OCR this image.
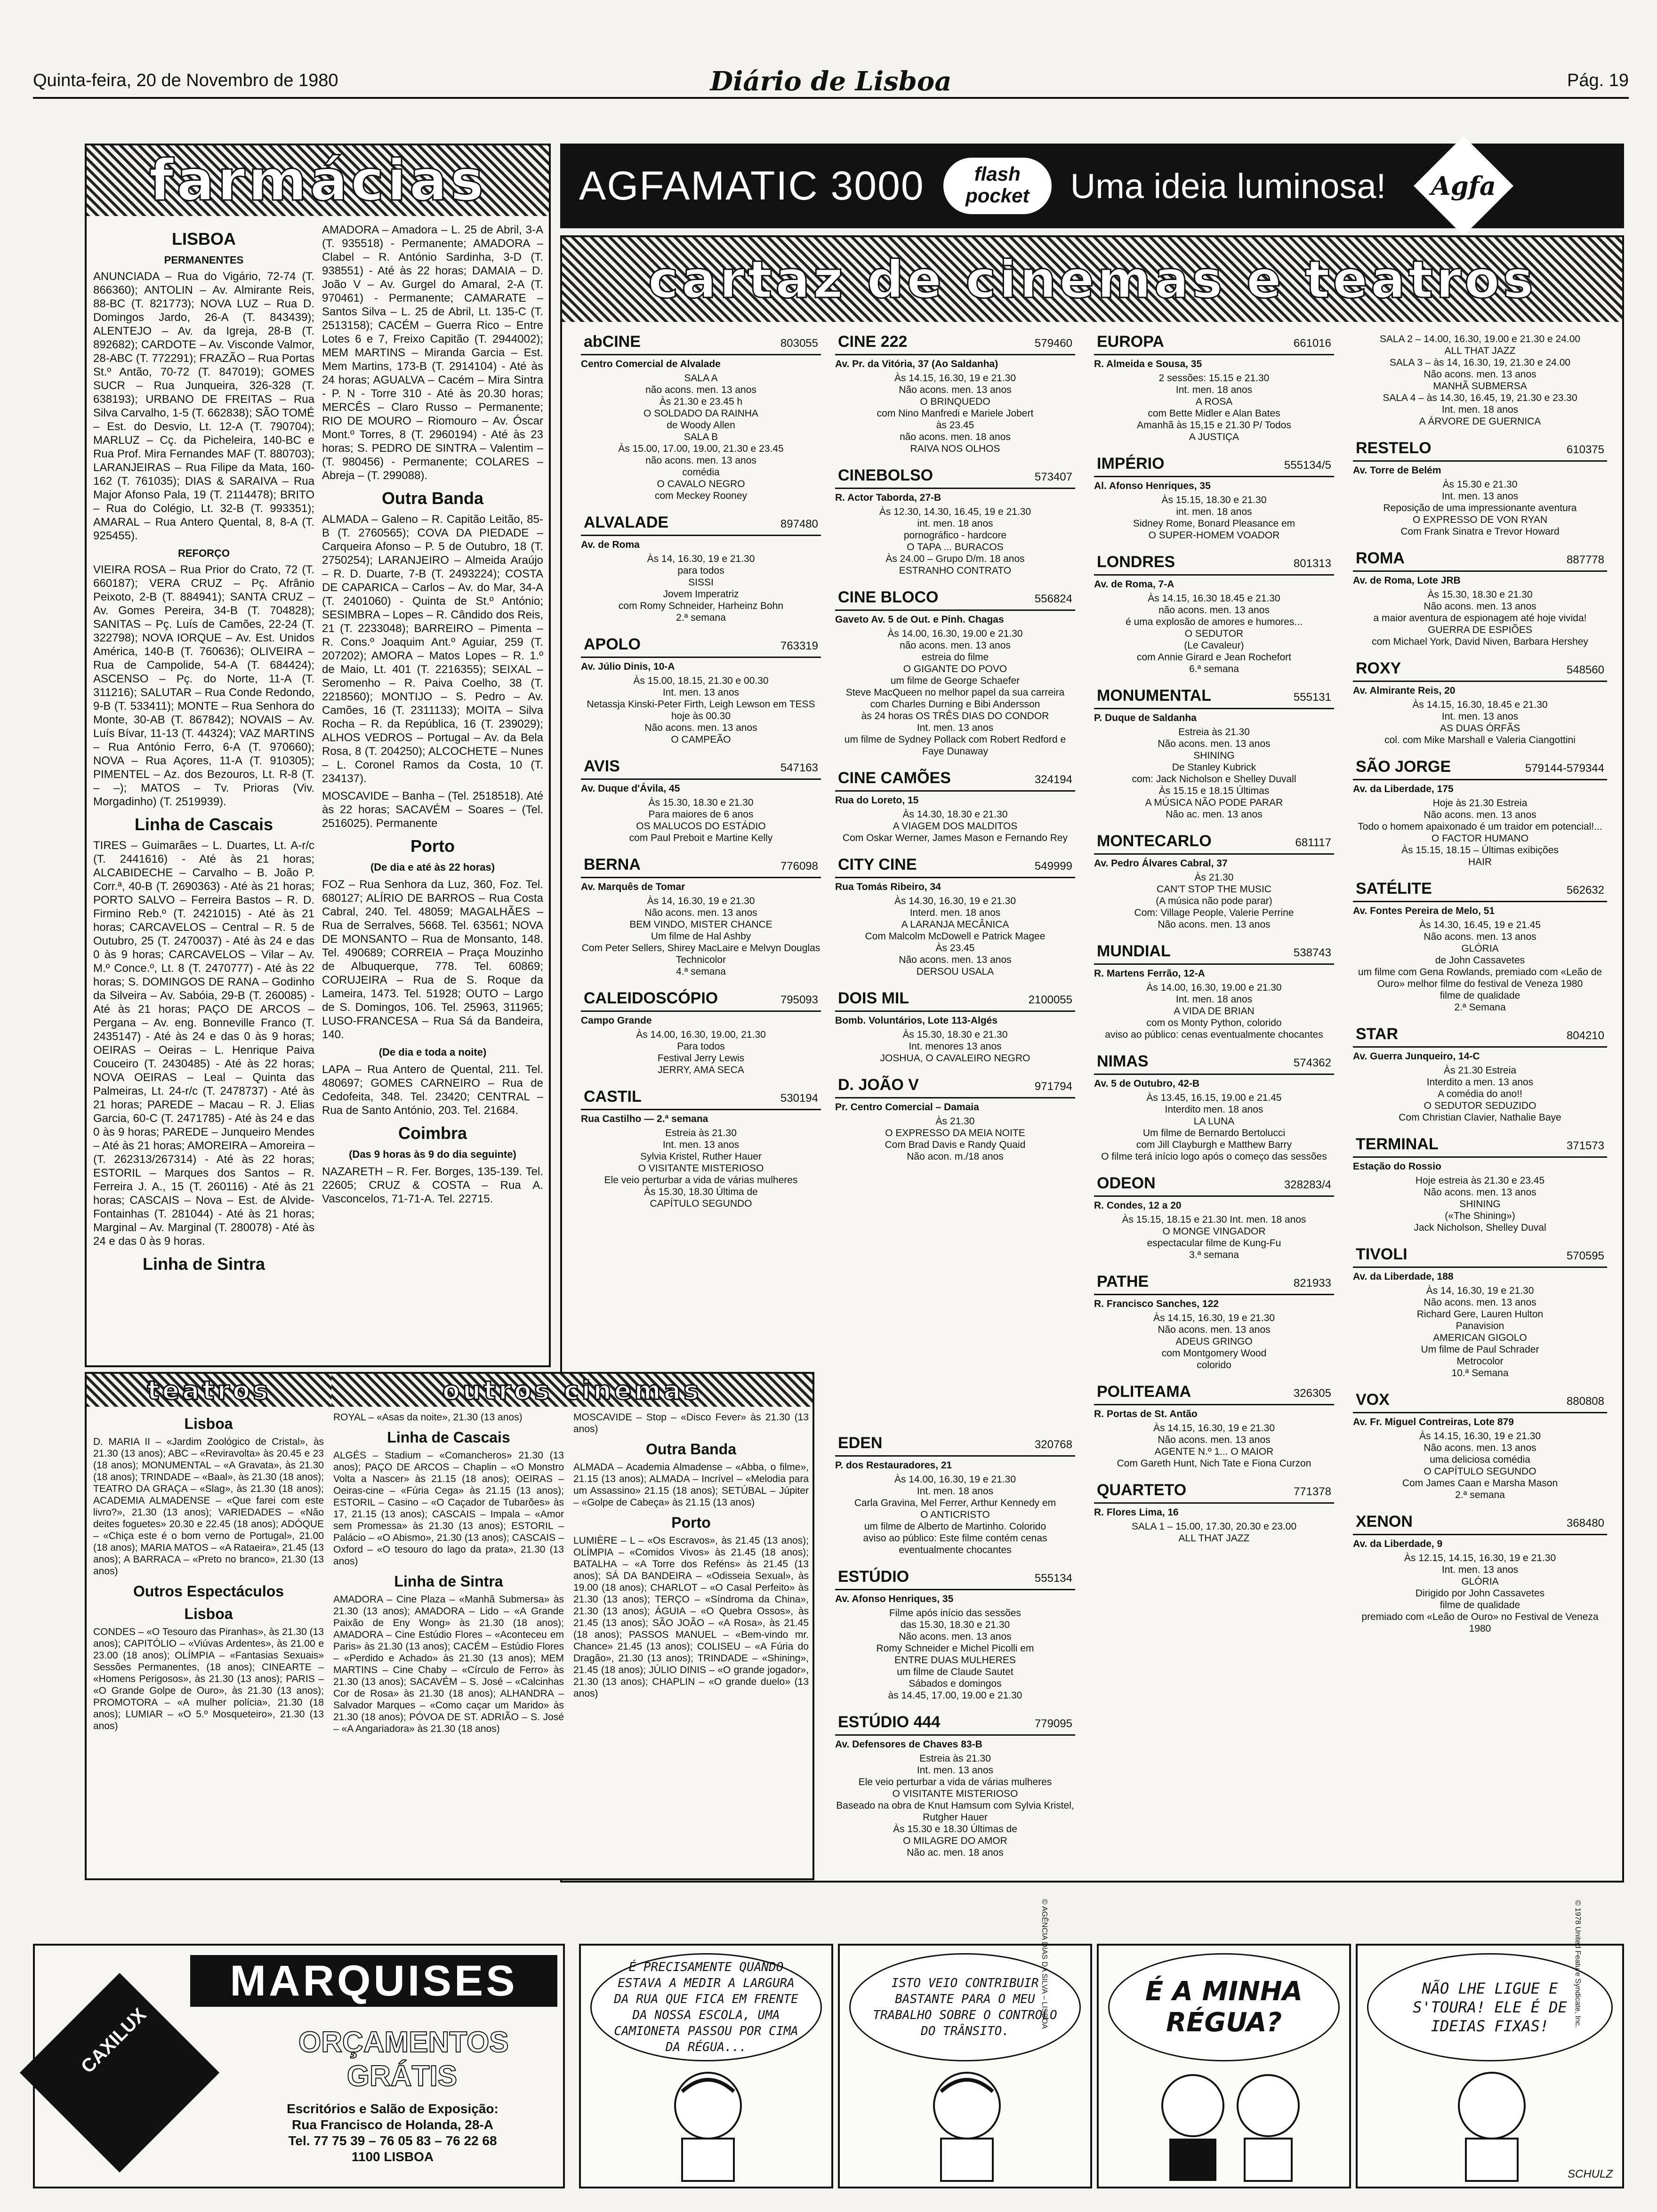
Quinta-feira, 20 de Novembro de 1980	Diário de Lisboa	Pág. 19
farmácias
LISBOA
PERMANENTES

ANUNCIADA – Rua do Vigário, 72-74 (T. 866360); ANTOLIN – Av. Almirante Reis, 88-BC (T. 821773); NOVA LUZ – Rua D. Domingos Jardo, 26-A (T. 843439); ALENTEJO – Av. da Igreja, 28-B (T. 892682); CARDOTE – Av. Visconde Valmor, 28-ABC (T. 772291); FRAZÃO – Rua Portas St.º Antão, 70-72 (T. 847019); GOMES SUCR – Rua Junqueira, 326-328 (T. 638193); URBANO DE FREITAS – Rua Silva Carvalho, 1-5 (T. 662838); SÃO TOMÉ – Est. do Desvio, Lt. 12-A (T. 790704); MARLUZ – Cç. da Picheleira, 140-BC e Rua Prof. Mira Fernandes MAF (T. 880703); LARANJEIRAS – Rua Filipe da Mata, 160-162 (T. 761035); DIAS & SARAIVA – Rua Major Afonso Pala, 19 (T. 2114478); BRITO – Rua do Colégio, Lt. 32-B (T. 993351); AMARAL – Rua Antero Quental, 8, 8-A (T. 925455).

REFORÇO

VIEIRA ROSA – Rua Prior do Crato, 72 (T. 660187); VERA CRUZ – Pç. Afrânio Peixoto, 2-B (T. 884941); SANTA CRUZ – Av. Gomes Pereira, 34-B (T. 704828); SANITAS – Pç. Luís de Camões, 22-24 (T. 322798); NOVA IORQUE – Av. Est. Unidos América, 140-B (T. 760636); OLIVEIRA – Rua de Campolide, 54-A (T. 684424); ASCENSO – Pç. do Norte, 11-A (T. 311216); SALUTAR – Rua Conde Redondo, 9-B (T. 533411); MONTE – Rua Senhora do Monte, 30-AB (T. 867842); NOVAIS – Av. Luís Bívar, 11-13 (T. 44324); VAZ MARTINS – Rua António Ferro, 6-A (T. 970660); NOVA – Rua Açores, 11-A (T. 910305); PIMENTEL – Az. dos Bezouros, Lt. R-8 (T. – –); MATOS – Tv. Prioras (Viv. Morgadinho) (T. 2519939).

Linha de Cascais

TIRES – Guimarães – L. Duartes, Lt. A-r/c (T. 2441616) - Até às 21 horas; ALCABIDECHE – Carvalho – B. João P. Corr.ª, 40-B (T. 2690363) - Até às 21 horas; PORTO SALVO – Ferreira Bastos – R. D. Firmino Reb.º (T. 2421015) - Até às 21 horas; CARCAVELOS – Central – R. 5 de Outubro, 25 (T. 2470037) - Até às 24 e das 0 às 9 horas; CARCAVELOS – Vilar – Av. M.º Conce.º, Lt. 8 (T. 2470777) - Até às 22 horas; S. DOMINGOS DE RANA – Godinho da Silveira – Av. Sabóia, 29-B (T. 260085) - Até às 21 horas; PAÇO DE ARCOS – Pergana – Av. eng. Bonneville Franco (T. 2435147) - Até às 24 e das 0 às 9 horas; OEIRAS – Oeiras – L. Henrique Paiva Couceiro (T. 2430485) - Até às 22 horas; NOVA OEIRAS – Leal – Quinta das Palmeiras, Lt. 24-r/c (T. 2478737) - Até às 21 horas; PAREDE – Macau – R. J. Elias Garcia, 60-C (T. 2471785) - Até às 24 e das 0 às 9 horas; PAREDE – Junqueiro Mendes – Até às 21 horas; AMOREIRA – Amoreira – (T. 262313/267314) - Até às 22 horas; ESTORIL – Marques dos Santos – R. Ferreira J. A., 15 (T. 260116) - Até às 21 horas; CASCAIS – Nova – Est. de Alvide-Fontainhas (T. 281044) - Até às 21 horas; Marginal – Av. Marginal (T. 280078) - Até às 24 e das 0 às 9 horas.

Linha de Sintra

AMADORA – Amadora – L. 25 de Abril, 3-A (T. 935518) - Permanente; AMADORA – Clabel – R. António Sardinha, 3-D (T. 938551) - Até às 22 horas; DAMAIA – D. João V – Av. Gurgel do Amaral, 2-A (T. 970461) - Permanente; CAMARATE – Santos Silva – L. 25 de Abril, Lt. 135-C (T. 2513158); CACÉM – Guerra Rico – Entre Lotes 6 e 7, Freixo Capitão (T. 2944002); MEM MARTINS – Miranda Garcia – Est. Mem Martins, 173-B (T. 2914104) - Até às 24 horas; AGUALVA – Cacém – Mira Sintra - P. N - Torre 310 - Até às 20.30 horas; MERCÊS – Claro Russo – Permanente; RIO DE MOURO – Riomouro – Av. Óscar Mont.º Torres, 8 (T. 2960194) - Até às 23 horas; S. PEDRO DE SINTRA – Valentim – (T. 980456) - Permanente; COLARES – Abreja – (T. 299088).

Outra Banda

ALMADA – Galeno – R. Capitão Leitão, 85-B (T. 2760565); COVA DA PIEDADE – Carqueira Afonso – P. 5 de Outubro, 18 (T. 2750254); LARANJEIRO – Almeida Araújo – R. D. Duarte, 7-B (T. 2493224); COSTA DE CAPARICA – Carlos – Av. do Mar, 34-A (T. 2401060) - Quinta de St.º António; SESIMBRA – Lopes – R. Cândido dos Reis, 21 (T. 2233048); BARREIRO – Pimenta – R. Cons.º Joaquim Ant.º Aguiar, 259 (T. 207202); AMORA – Matos Lopes – R. 1.º de Maio, Lt. 401 (T. 2216355); SEIXAL – Seromenho – R. Paiva Coelho, 38 (T. 2218560); MONTIJO – S. Pedro – Av. Camões, 16 (T. 2311133); MOITA – Silva Rocha – R. da República, 16 (T. 239029); ALHOS VEDROS – Portugal – Av. da Bela Rosa, 8 (T. 204250); ALCOCHETE – Nunes – L. Coronel Ramos da Costa, 10 (T. 234137).

MOSCAVIDE – Banha – (Tel. 2518518). Até às 22 horas; SACAVÉM – Soares – (Tel. 2516025). Permanente

Porto
(De dia e até às 22 horas)

FOZ – Rua Senhora da Luz, 360, Foz. Tel. 680127; ALÍRIO DE BARROS – Rua Costa Cabral, 240. Tel. 48059; MAGALHÃES – Rua de Serralves, 5668. Tel. 63561; NOVA DE MONSANTO – Rua de Monsanto, 148. Tel. 490689; CORREIA – Praça Mouzinho de Albuquerque, 778. Tel. 60869; CORUJEIRA – Rua de S. Roque da Lameira, 1473. Tel. 51928; OUTO – Largo de S. Domingos, 106. Tel. 25963, 311965; LUSO-FRANCESA – Rua Sá da Bandeira, 140.

(De dia e toda a noite)

LAPA – Rua Antero de Quental, 211. Tel. 480697; GOMES CARNEIRO – Rua de Cedofeita, 348. Tel. 23420; CENTRAL – Rua de Santo António, 203. Tel. 21684.

Coimbra
(Das 9 horas às 9 do dia seguinte)

NAZARETH – R. Fer. Borges, 135-139. Tel. 22605; CRUZ & COSTA – Rua A. Vasconcelos, 71-71-A. Tel. 22715.

AGFAMATIC 3000	flash pocket	Uma ideia luminosa! Agfa
cartaz de cinemas e teatros
abCINE	803055
Centro Comercial de Alvalade
SALA A
não acons. men. 13 anos
Às 21.30 e 23.45 h
O SOLDADO DA RAINHA
de Woody Allen
SALA B
Às 15.00, 17.00, 19.00, 21.30 e 23.45
não acons. men. 13 anos
comédia
O CAVALO NEGRO
com Meckey Rooney
ALVALADE	897480
Av. de Roma
Às 14, 16.30, 19 e 21.30
para todos
SISSI
Jovem Imperatriz
com Romy Schneider, Harheinz Bohn
2.ª semana
APOLO	763319
Av. Júlio Dinis, 10-A
Às 15.00, 18.15, 21.30 e 00.30
Int. men. 13 anos
Netassja Kinski-Peter Firth, Leigh Lewson em TESS
hoje às 00.30
Não acons. men. 13 anos
O CAMPEÃO
AVIS	547163
Av. Duque d'Ávila, 45
Às 15.30, 18.30 e 21.30
Para maiores de 6 anos
OS MALUCOS DO ESTÁDIO
com Paul Preboit e Martine Kelly
BERNA	776098
Av. Marquês de Tomar
Às 14, 16.30, 19 e 21.30
Não acons. men. 13 anos
BEM VINDO, MISTER CHANCE
Um filme de Hal Ashby
Com Peter Sellers, Shirey MacLaire e Melvyn Douglas
Technicolor
4.ª semana
CALEIDOSCÓPIO	795093
Campo Grande
Às 14.00, 16.30, 19.00, 21.30
Para todos
Festival Jerry Lewis
JERRY, AMA SECA
CASTIL	530194
Rua Castilho — 2.ª semana
Estreia às 21.30
Int. men. 13 anos
Sylvia Kristel, Ruther Hauer
O VISITANTE MISTERIOSO
Ele veio perturbar a vida de várias mulheres
Às 15.30, 18.30 Última de
CAPÍTULO SEGUNDO
CINE 222	579460
Av. Pr. da Vitória, 37 (Ao Saldanha)
Às 14.15, 16.30, 19 e 21.30
Não acons. men. 13 anos
O BRINQUEDO
com Nino Manfredi e Mariele Jobert
às 23.45
não acons. men. 18 anos
RAIVA NOS OLHOS
CINEBOLSO	573407
R. Actor Taborda, 27-B
Às 12.30, 14.30, 16.45, 19 e 21.30
int. men. 18 anos
pornográfico - hardcore
O TAPA ... BURACOS
Às 24.00 – Grupo D/m. 18 anos
ESTRANHO CONTRATO
CINE BLOCO	556824
Gaveto Av. 5 de Out. e Pinh. Chagas
Às 14.00, 16.30, 19.00 e 21.30
não acons. men. 13 anos
estreia do filme
O GIGANTE DO POVO
um filme de George Schaefer
Steve MacQueen no melhor papel da sua carreira
com Charles Durning e Bibi Andersson
às 24 horas OS TRÊS DIAS DO CONDOR
Int. men. 13 anos
um filme de Sydney Pollack com Robert Redford e Faye Dunaway
CINE CAMÕES	324194
Rua do Loreto, 15
Às 14.30, 18.30 e 21.30
A VIAGEM DOS MALDITOS
Com Oskar Werner, James Mason e Fernando Rey
CITY CINE	549999
Rua Tomás Ribeiro, 34
Às 14.30, 16.30, 19 e 21.30
Interd. men. 18 anos
A LARANJA MECÂNICA
Com Malcolm McDowell e Patrick Magee
Às 23.45
Não acons. men. 13 anos
DERSOU USALA
DOIS MIL	2100055
Bomb. Voluntários, Lote 113-Algés
Às 15.30, 18.30 e 21.30
Int. menores 13 anos
JOSHUA, O CAVALEIRO NEGRO
D. JOÃO V	971794
Pr. Centro Comercial – Damaia
Às 21.30
O EXPRESSO DA MEIA NOITE
Com Brad Davis e Randy Quaid
Não acon. m./18 anos
EDEN	320768
P. dos Restauradores, 21
Às 14.00, 16.30, 19 e 21.30
Int. men. 18 anos
Carla Gravina, Mel Ferrer, Arthur Kennedy em
O ANTICRISTO
um filme de Alberto de Martinho. Colorido
aviso ao público: Este filme contém cenas eventualmente chocantes
ESTÚDIO	555134
Av. Afonso Henriques, 35
Filme após início das sessões
das 15.30, 18.30 e 21.30
Não acons. men. 13 anos
Romy Schneider e Michel Picolli em
ENTRE DUAS MULHERES
um filme de Claude Sautet
Sábados e domingos
às 14.45, 17.00, 19.00 e 21.30
ESTÚDIO 444	779095
Av. Defensores de Chaves 83-B
Estreia às 21.30
Int. men. 13 anos
Ele veio perturbar a vida de várias mulheres
O VISITANTE MISTERIOSO
Baseado na obra de Knut Hamsum com Sylvia Kristel, Rutgher Hauer
Às 15.30 e 18.30 Últimas de
O MILAGRE DO AMOR
Não ac. men. 18 anos
EUROPA	661016
R. Almeida e Sousa, 35
2 sessões: 15.15 e 21.30
Int. men. 18 anos
A ROSA
com Bette Midler e Alan Bates
Amanhã às 15,15 e 21.30 P/ Todos
A JUSTIÇA
IMPÉRIO	555134/5
Al. Afonso Henriques, 35
Às 15.15, 18.30 e 21.30
int. men. 18 anos
Sidney Rome, Bonard Pleasance em
O SUPER-HOMEM VOADOR
LONDRES	801313
Av. de Roma, 7-A
Às 14.15, 16.30 18.45 e 21.30
não acons. men. 13 anos
é uma explosão de amores e humores...
O SEDUTOR
(Le Cavaleur)
com Annie Girard e Jean Rochefort
6.ª semana
MONUMENTAL	555131
P. Duque de Saldanha
Estreia às 21.30
Não acons. men. 13 anos
SHINING
De Stanley Kubrick
com: Jack Nicholson e Shelley Duvall
Às 15.15 e 18.15 Últimas
A MÚSICA NÃO PODE PARAR
Não ac. men. 13 anos
MONTECARLO	681117
Av. Pedro Álvares Cabral, 37
Às 21.30
CAN'T STOP THE MUSIC
(A música não pode parar)
Com: Village People, Valerie Perrine
Não acons. men. 13 anos
MUNDIAL	538743
R. Martens Ferrão, 12-A
Às 14.00, 16.30, 19.00 e 21.30
Int. men. 18 anos
A VIDA DE BRIAN
com os Monty Python, colorido
aviso ao público: cenas eventualmente chocantes
NIMAS	574362
Av. 5 de Outubro, 42-B
Às 13.45, 16.15, 19.00 e 21.45
Interdito men. 18 anos
LA LUNA
Um filme de Bernardo Bertolucci
com Jill Clayburgh e Matthew Barry
O filme terá início logo após o começo das sessões
ODEON	328283/4
R. Condes, 12 a 20
Às 15.15, 18.15 e 21.30 Int. men. 18 anos
O MONGE VINGADOR
espectacular filme de Kung-Fu
3.ª semana
PATHE	821933
R. Francisco Sanches, 122
Às 14.15, 16.30, 19 e 21.30
Não acons. men. 13 anos
ADEUS GRINGO
com Montgomery Wood
colorido
POLITEAMA	326305
R. Portas de St. Antão
Às 14.15, 16.30, 19 e 21.30
Não acons. men. 13 anos
AGENTE N.º 1... O MAIOR
Com Gareth Hunt, Nich Tate e Fiona Curzon
QUARTETO	771378
R. Flores Lima, 16
SALA 1 – 15.00, 17.30, 20.30 e 23.00
ALL THAT JAZZ
SALA 2 – 14.00, 16.30, 19.00 e 21.30 e 24.00
ALL THAT JAZZ
SALA 3 – às 14, 16.30, 19, 21.30 e 24.00
Não acons. men. 13 anos
MANHÃ SUBMERSA
SALA 4 – às 14.30, 16.45, 19, 21.30 e 23.30
Int. men. 18 anos
A ÁRVORE DE GUERNICA
RESTELO	610375
Av. Torre de Belém
Às 15.30 e 21.30
Int. men. 13 anos
Reposição de uma impressionante aventura
O EXPRESSO DE VON RYAN
Com Frank Sinatra e Trevor Howard
ROMA	887778
Av. de Roma, Lote JRB
Às 15.30, 18.30 e 21.30
Não acons. men. 13 anos
a maior aventura de espionagem até hoje vivida!
GUERRA DE ESPIÕES
com Michael York, David Niven, Barbara Hershey
ROXY	548560
Av. Almirante Reis, 20
Às 14.15, 16.30, 18.45 e 21.30
Int. men. 13 anos
AS DUAS ÓRFÃS
col. com Mike Marshall e Valeria Ciangottini
SÃO JORGE	579144-579344
Av. da Liberdade, 175
Hoje às 21.30 Estreia
Não acons. men. 13 anos
Todo o homem apaixonado é um traidor em potencial!...
O FACTOR HUMANO
Às 15.15, 18.15 – Últimas exibições
HAIR
SATÉLITE	562632
Av. Fontes Pereira de Melo, 51
Às 14.30, 16.45, 19 e 21.45
Não acons. men. 13 anos
GLÓRIA
de John Cassavetes
um filme com Gena Rowlands, premiado com «Leão de Ouro» melhor filme do festival de Veneza 1980
filme de qualidade
2.ª Semana
STAR	804210
Av. Guerra Junqueiro, 14-C
Às 21.30 Estreia
Interdito a men. 13 anos
A comédia do ano!!
O SEDUTOR SEDUZIDO
Com Christian Clavier, Nathalie Baye
TERMINAL	371573
Estação do Rossio
Hoje estreia às 21.30 e 23.45
Não acons. men. 13 anos
SHINING
(«The Shining»)
Jack Nicholson, Shelley Duval
TIVOLI	570595
Av. da Liberdade, 188
Às 14, 16.30, 19 e 21.30
Não acons. men. 13 anos
Richard Gere, Lauren Hulton
Panavision
AMERICAN GIGOLO
Um filme de Paul Schrader
Metrocolor
10.ª Semana
VOX	880808
Av. Fr. Miguel Contreiras, Lote 879
Às 14.15, 16.30, 19 e 21.30
Não acons. men. 13 anos
uma deliciosa comédia
O CAPÍTULO SEGUNDO
Com James Caan e Marsha Mason
2.ª semana
XENON	368480
Av. da Liberdade, 9
Às 12.15, 14.15, 16.30, 19 e 21.30
Int. men. 13 anos
GLÓRIA
Dirigido por John Cassavetes
filme de qualidade
premiado com «Leão de Ouro» no Festival de Veneza 1980
teatros	outros cinemas
Lisboa

D. MARIA II – «Jardim Zoológico de Cristal», às 21.30 (13 anos); ABC – «Reviravolta» às 20.45 e 23 (18 anos); MONUMENTAL – «A Gravata», às 21.30 (18 anos); TRINDADE – «Baal», às 21.30 (18 anos); TEATRO DA GRAÇA – «Slag», às 21.30 (18 anos); ACADEMIA ALMADENSE – «Que farei com este livro?», 21.30 (13 anos); VARIEDADES – «Não deites foguetes» 20.30 e 22.45 (18 anos); ADÓQUE – «Chiça este é o bom verno de Portugal», 21.00 (18 anos); MARIA MATOS – «A Rataeira», 21.45 (13 anos); A BARRACA – «Preto no branco», 21.30 (13 anos)

Outros Espectáculos
Lisboa

CONDES – «O Tesouro das Piranhas», às 21.30 (13 anos); CAPITÓLIO – «Viúvas Ardentes», às 21.00 e 23.00 (18 anos); OLÍMPIA – «Fantasias Sexuais» Sessões Permanentes, (18 anos); CINEARTE – «Homens Perigosos», às 21.30 (13 anos); PARIS – «O Grande Golpe de Ouro», às 21.30 (13 anos); PROMOTORA – «A mulher polícia», 21.30 (18 anos); LUMIAR – «O 5.º Mosqueteiro», 21.30 (13 anos)

ROYAL – «Asas da noite», 21.30 (13 anos)

Linha de Cascais

ALGÉS – Stadium – «Comancheros» 21.30 (13 anos); PAÇO DE ARCOS – Chaplin – «O Monstro Volta a Nascer» às 21.15 (18 anos); OEIRAS – Oeiras-cine – «Fúria Cega» às 21.15 (13 anos); ESTORIL – Casino – «O Caçador de Tubarões» às 17, 21.15 (13 anos); CASCAIS – Impala – «Amor sem Promessa» às 21.30 (13 anos); ESTORIL – Palácio – «O Abismo», 21.30 (13 anos); CASCAIS – Oxford – «O tesouro do lago da prata», 21.30 (13 anos)

Linha de Sintra

AMADORA – Cine Plaza – «Manhã Submersa» às 21.30 (13 anos); AMADORA – Lido – «A Grande Paixão de Eny Wong» às 21.30 (18 anos); AMADORA – Cine Estúdio Flores – «Aconteceu em Paris» às 21.30 (13 anos); CACÉM – Estúdio Flores – «Perdido e Achado» às 21.30 (13 anos); MEM MARTINS – Cine Chaby – «Círculo de Ferro» às 21.30 (13 anos); SACAVÉM – S. José – «Calcinhas Cor de Rosa» às 21.30 (18 anos); ALHANDRA – Salvador Marques – «Como caçar um Marido» às 21.30 (18 anos); PÓVOA DE ST. ADRIÃO – S. José – «A Angariadora» às 21.30 (18 anos)

MOSCAVIDE – Stop – «Disco Fever» às 21.30 (13 anos)

Outra Banda

ALMADA – Academia Almadense – «Abba, o filme», 21.15 (13 anos); ALMADA – Incrível – «Melodia para um Assassino» 21.15 (18 anos); SETÚBAL – Júpiter – «Golpe de Cabeça» às 21.15 (13 anos)

Porto

LUMIÈRE – L – «Os Escravos», às 21.45 (13 anos); OLÍMPIA – «Comidos Vivos» às 21.45 (18 anos); BATALHA – «A Torre dos Reféns» às 21.45 (13 anos); SÁ DA BANDEIRA – «Odisseia Sexual», às 19.00 (18 anos); CHARLOT – «O Casal Perfeito» às 21.30 (13 anos); TERÇO – «Síndroma da China», 21.30 (13 anos); ÁGUIA – «O Quebra Ossos», às 21.45 (13 anos); SÃO JOÃO – «A Rosa», às 21.45 (18 anos); PASSOS MANUEL – «Bem-vindo mr. Chance» 21.45 (13 anos); COLISEU – «A Fúria do Dragão», 21.30 (13 anos); TRINDADE – «Shining», 21.45 (18 anos); JÚLIO DINIS – «O grande jogador», 21.30 (13 anos); CHAPLIN – «O grande duelo» (13 anos)

MARQUISES
CAXILUX	ORÇAMENTOS GRÁTIS
Escritórios e Salão de Exposição:
Rua Francisco de Holanda, 28-A
Tel. 77 75 39 – 76 05 83 – 76 22 68
1100 LISBOA
É PRECISAMENTE QUANDO ESTAVA A MEDIR A LARGURA DA RUA QUE FICA EM FRENTE DA NOSSA ESCOLA, UMA CAMIONETA PASSOU POR CIMA DA RÉGUA...
ISTO VEIO CONTRIBUIR BASTANTE PARA O MEU TRABALHO SOBRE O CONTROLO DO TRÂNSITO.
© AGÊNCIA DIAS DA SILVA – LISBOA	É A MINHA RÉGUA?
NÃO LHE LIGUE E S'TOURA! ELE É DE IDEIAS FIXAS!	© 1978 United Feature Syndicate, Inc.
SCHULZ
